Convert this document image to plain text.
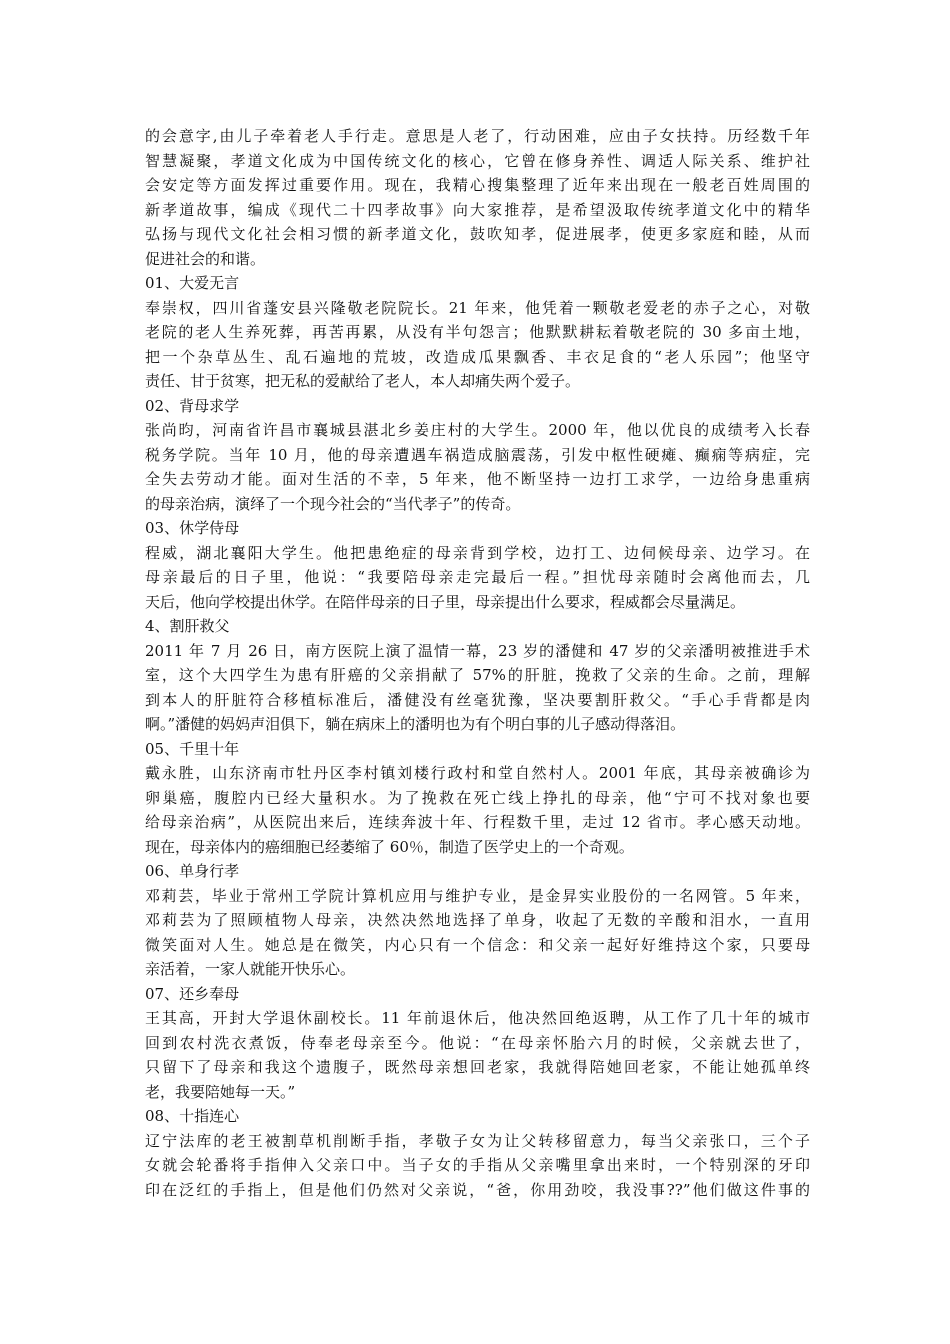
的会意字,由儿子牵着老人手行走。意思是人老了，行动困难，应由子女扶持。历经数千年
智慧凝聚，孝道文化成为中国传统文化的核心，它曾在修身养性、调适人际关系、维护社
会安定等方面发挥过重要作用。现在，我精心搜集整理了近年来出现在一般老百姓周围的
新孝道故事，编成《现代二十四孝故事》向大家推荐，是希望汲取传统孝道文化中的精华
弘扬与现代文化社会相习惯的新孝道文化，鼓吹知孝，促进展孝，使更多家庭和睦，从而
促进社会的和谐。
01、大爱无言
奉崇权，四川省蓬安县兴隆敬老院院长。21 年来，他凭着一颗敬老爱老的赤子之心，对敬
老院的老人生养死葬，再苦再累，从没有半句怨言；他默默耕耘着敬老院的 30 多亩土地，
把一个杂草丛生、乱石遍地的荒坡，改造成瓜果飘香、丰衣足食的“老人乐园”；他坚守
责任、甘于贫寒，把无私的爱献给了老人，本人却痛失两个爱子。
02、背母求学
张尚昀，河南省许昌市襄城县湛北乡姜庄村的大学生。2000 年，他以优良的成绩考入长春
税务学院。当年 10 月，他的母亲遭遇车祸造成脑震荡，引发中枢性硬瘫、癫痫等病症，完
全失去劳动才能。面对生活的不幸，5 年来，他不断坚持一边打工求学，一边给身患重病
的母亲治病，演绎了一个现今社会的“当代孝子”的传奇。
03、休学侍母
程威，湖北襄阳大学生。他把患绝症的母亲背到学校，边打工、边伺候母亲、边学习。在
母亲最后的日子里，他说：“我要陪母亲走完最后一程。”担忧母亲随时会离他而去，几
天后，他向学校提出休学。在陪伴母亲的日子里，母亲提出什么要求，程威都会尽量满足。
4、割肝救父
2011 年 7 月 26 日，南方医院上演了温情一幕，23 岁的潘健和 47 岁的父亲潘明被推进手术
室，这个大四学生为患有肝癌的父亲捐献了 57%的肝脏，挽救了父亲的生命。之前，理解
到本人的肝脏符合移植标准后，潘健没有丝毫犹豫，坚决要割肝救父。“手心手背都是肉
啊。”潘健的妈妈声泪俱下，躺在病床上的潘明也为有个明白事的儿子感动得落泪。
05、千里十年
戴永胜，山东济南市牡丹区李村镇刘楼行政村和堂自然村人。2001 年底，其母亲被确诊为
卵巢癌，腹腔内已经大量积水。为了挽救在死亡线上挣扎的母亲，他“宁可不找对象也要
给母亲治病”，从医院出来后，连续奔波十年、行程数千里，走过 12 省市。孝心感天动地。
现在，母亲体内的癌细胞已经萎缩了 60％，制造了医学史上的一个奇观。
06、单身行孝
邓莉芸，毕业于常州工学院计算机应用与维护专业，是金昇实业股份的一名网管。5 年来，
邓莉芸为了照顾植物人母亲，决然决然地选择了单身，收起了无数的辛酸和泪水，一直用
微笑面对人生。她总是在微笑，内心只有一个信念：和父亲一起好好维持这个家，只要母
亲活着，一家人就能开快乐心。
07、还乡奉母
王其高，开封大学退休副校长。11 年前退休后，他决然回绝返聘，从工作了几十年的城市
回到农村洗衣煮饭，侍奉老母亲至今。他说：“在母亲怀胎六月的时候，父亲就去世了，
只留下了母亲和我这个遗腹子，既然母亲想回老家，我就得陪她回老家，不能让她孤单终
老，我要陪她每一天。”
08、十指连心
辽宁法库的老王被割草机削断手指，孝敬子女为让父转移留意力，每当父亲张口，三个子
女就会轮番将手指伸入父亲口中。当子女的手指从父亲嘴里拿出来时，一个特别深的牙印
印在泛红的手指上，但是他们仍然对父亲说，“爸，你用劲咬，我没事??”他们做这件事的
